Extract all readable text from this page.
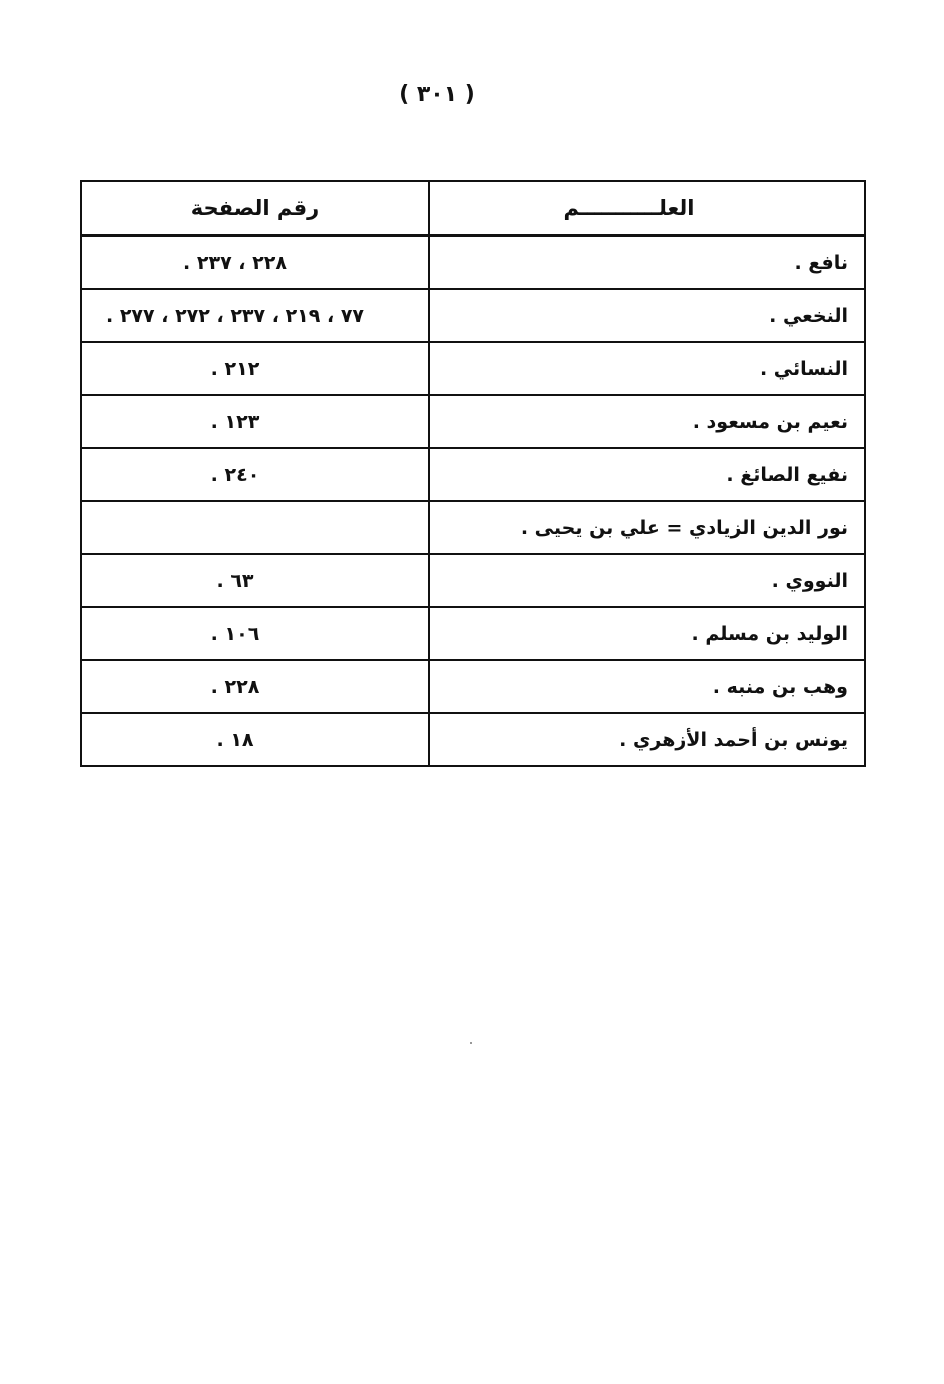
( ٣٠١ )
العلـــــــــــم	رقم الصفحة
نافع .	٢٢٨ ، ٢٣٧ .
النخعي .	٧٧ ، ٢١٩ ، ٢٣٧ ، ٢٧٢ ، ٢٧٧ .
النسائي .	٢١٢ .
نعيم بن مسعود .	١٢٣ .
نفيع الصائغ .	٢٤٠ .
نور الدين الزيادي = علي بن يحيى .	
النووي .	٦٣ .
الوليد بن مسلم .	١٠٦ .
وهب بن منبه .	٢٢٨ .
يونس بن أحمد الأزهري .	١٨ .
